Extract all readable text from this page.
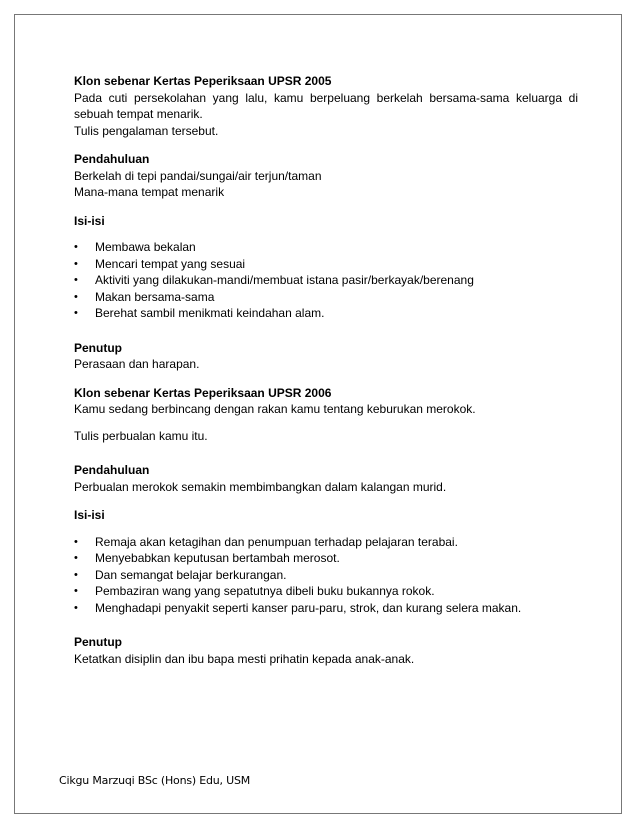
Klon sebenar Kertas Peperiksaan UPSR 2005

Pada cuti persekolahan yang lalu, kamu berpeluang berkelah bersama-sama keluarga di sebuah tempat menarik.

Tulis pengalaman tersebut.

Pendahuluan

Berkelah di tepi pandai/sungai/air terjun/taman

Mana-mana tempat menarik

Isi-isi

• Membawa bekalan
• Mencari tempat yang sesuai
• Aktiviti yang dilakukan-mandi/membuat istana pasir/berkayak/berenang
• Makan bersama-sama
• Berehat sambil menikmati keindahan alam.

Penutup

Perasaan dan harapan.

Klon sebenar Kertas Peperiksaan UPSR 2006

Kamu sedang berbincang dengan rakan kamu tentang keburukan merokok.

Tulis perbualan kamu itu.

Pendahuluan

Perbualan merokok semakin membimbangkan dalam kalangan murid.

Isi-isi

• Remaja akan ketagihan dan penumpuan terhadap pelajaran terabai.
• Menyebabkan keputusan bertambah merosot.
• Dan semangat belajar berkurangan.
• Pembaziran wang yang sepatutnya dibeli buku bukannya rokok.
• Menghadapi penyakit seperti kanser paru-paru, strok, dan kurang selera makan.

Penutup

Ketatkan disiplin dan ibu bapa mesti prihatin kepada anak-anak.

Cikgu Marzuqi BSc (Hons) Edu, USM
